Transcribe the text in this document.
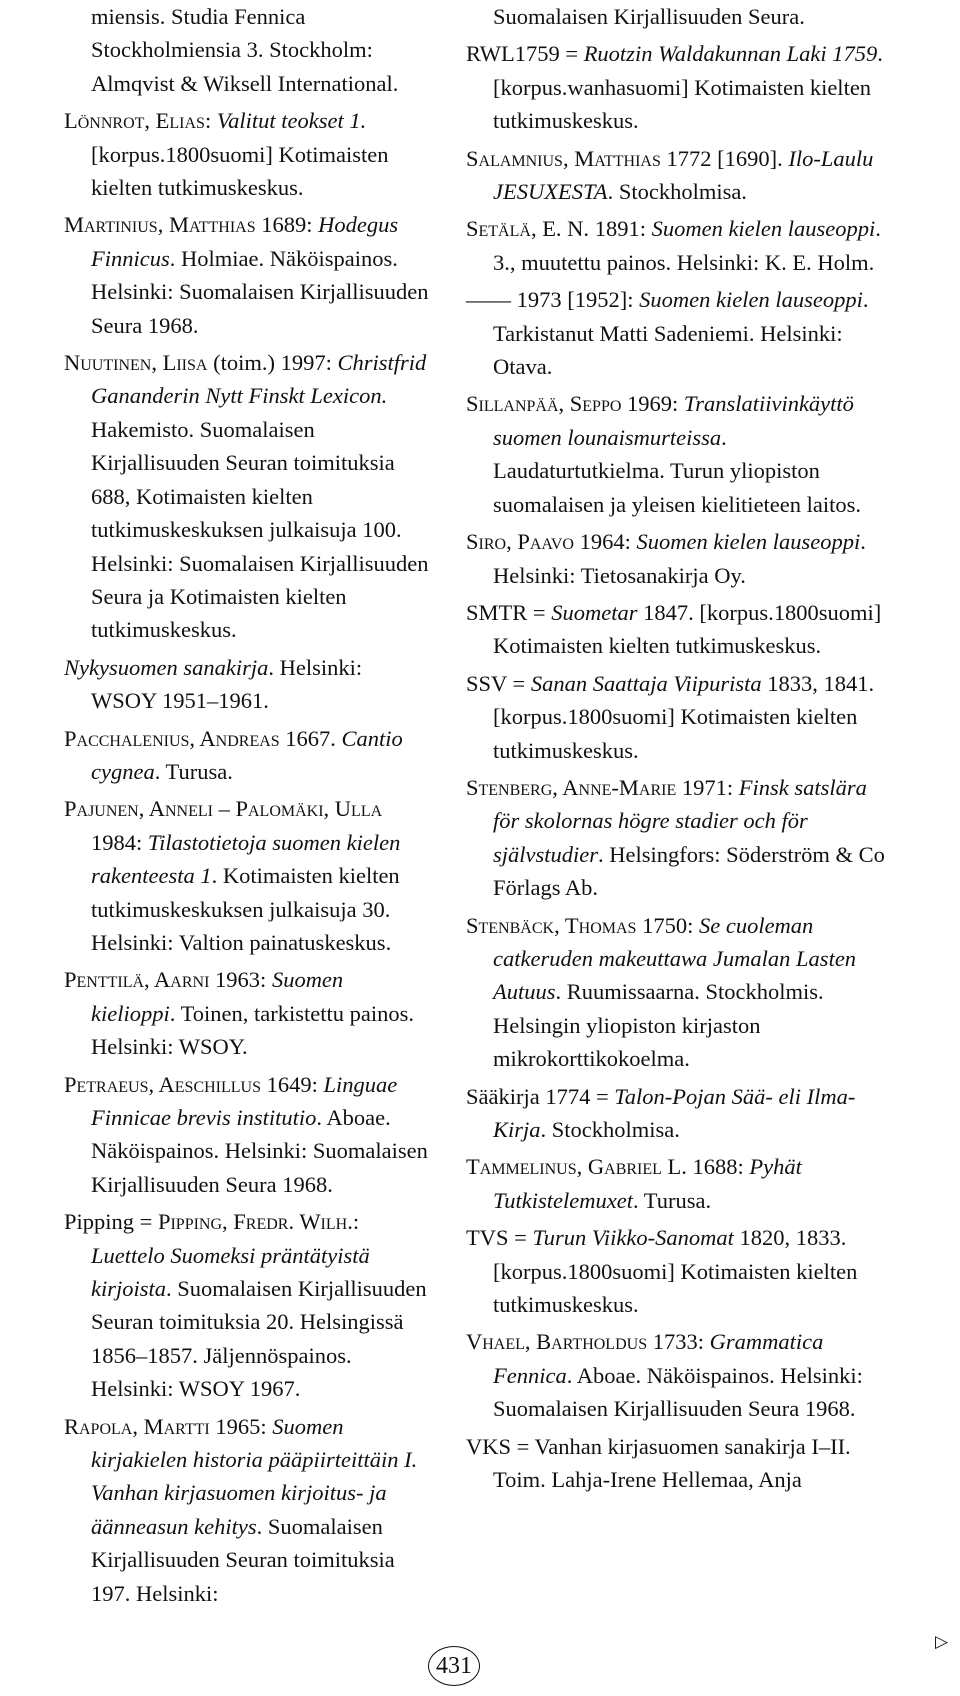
miensis. Studia Fennica Stockholmiensia 3. Stockholm: Almqvist & Wiksell International.

Lönnrot, Elias: Valitut teokset 1. [korpus.1800suomi] Kotimaisten kielten tutkimuskeskus.

Martinius, Matthias 1689: Hodegus Finnicus. Holmiae. Näköispainos. Helsinki: Suomalaisen Kirjallisuuden Seura 1968.

Nuutinen, Liisa (toim.) 1997: Christfrid Gananderin Nytt Finskt Lexicon. Hakemisto. Suomalaisen Kirjallisuuden Seuran toimituksia 688, Kotimaisten kielten tutkimuskeskuksen julkaisuja 100. Helsinki: Suomalaisen Kirjallisuuden Seura ja Kotimaisten kielten tutkimuskeskus.

Nykysuomen sanakirja. Helsinki: WSOY 1951–1961.

Pacchalenius, Andreas 1667. Cantio cygnea. Turusa.

Pajunen, Anneli – Palomäki, Ulla 1984: Tilastotietoja suomen kielen rakenteesta 1. Kotimaisten kielten tutkimuskeskuksen julkaisuja 30. Helsinki: Valtion painatuskeskus.

Penttilä, Aarni 1963: Suomen kielioppi. Toinen, tarkistettu painos. Helsinki: WSOY.

Petraeus, Aeschillus 1649: Linguae Finnicae brevis institutio. Aboae. Näköispainos. Helsinki: Suomalaisen Kirjallisuuden Seura 1968.

Pipping = Pipping, Fredr. Wilh.: Luettelo Suomeksi präntätyistä kirjoista. Suomalaisen Kirjallisuuden Seuran toimituksia 20. Helsingissä 1856–1857. Jäljennöspainos. Helsinki: WSOY 1967.

Rapola, Martti 1965: Suomen kirjakielen historia pääpiirteittäin I. Vanhan kirjasuomen kirjoitus- ja äänneasun kehitys. Suomalaisen Kirjallisuuden Seuran toimituksia 197. Helsinki:

Suomalaisen Kirjallisuuden Seura.

RWL1759 = Ruotzin Waldakunnan Laki 1759. [korpus.wanhasuomi] Kotimaisten kielten tutkimuskeskus.

Salamnius, Matthias 1772 [1690]. Ilo-Laulu JESUXESTA. Stockholmisa.

Setälä, E. N. 1891: Suomen kielen lauseoppi. 3., muutettu painos. Helsinki: K. E. Holm.

—— 1973 [1952]: Suomen kielen lauseoppi. Tarkistanut Matti Sadeniemi. Helsinki: Otava.

Sillanpää, Seppo 1969: Translatiivinkäyttö suomen lounaismurteissa. Laudaturtutkielma. Turun yliopiston suomalaisen ja yleisen kielitieteen laitos.

Siro, Paavo 1964: Suomen kielen lauseoppi. Helsinki: Tietosanakirja Oy.

SMTR = Suometar 1847. [korpus.1800suomi] Kotimaisten kielten tutkimuskeskus.

SSV = Sanan Saattaja Viipurista 1833, 1841. [korpus.1800suomi] Kotimaisten kielten tutkimuskeskus.

Stenberg, Anne-Marie 1971: Finsk satslära för skolornas högre stadier och för självstudier. Helsingfors: Söderström & Co Förlags Ab.

Stenbäck, Thomas 1750: Se cuoleman catkeruden makeuttawa Jumalan Lasten Autuus. Ruumissaarna. Stockholmis. Helsingin yliopiston kirjaston mikrokorttikokoelma.

Sääkirja 1774 = Talon-Pojan Sää- eli Ilma-Kirja. Stockholmisa.

Tammelinus, Gabriel L. 1688: Pyhät Tutkistelemuxet. Turusa.

TVS = Turun Viikko-Sanomat 1820, 1833. [korpus.1800suomi] Kotimaisten kielten tutkimuskeskus.

Vhael, Bartholdus 1733: Grammatica Fennica. Aboae. Näköispainos. Helsinki: Suomalaisen Kirjallisuuden Seura 1968.

VKS = Vanhan kirjasuomen sanakirja I–II. Toim. Lahja-Irene Hellemaa, Anja

▷
431
